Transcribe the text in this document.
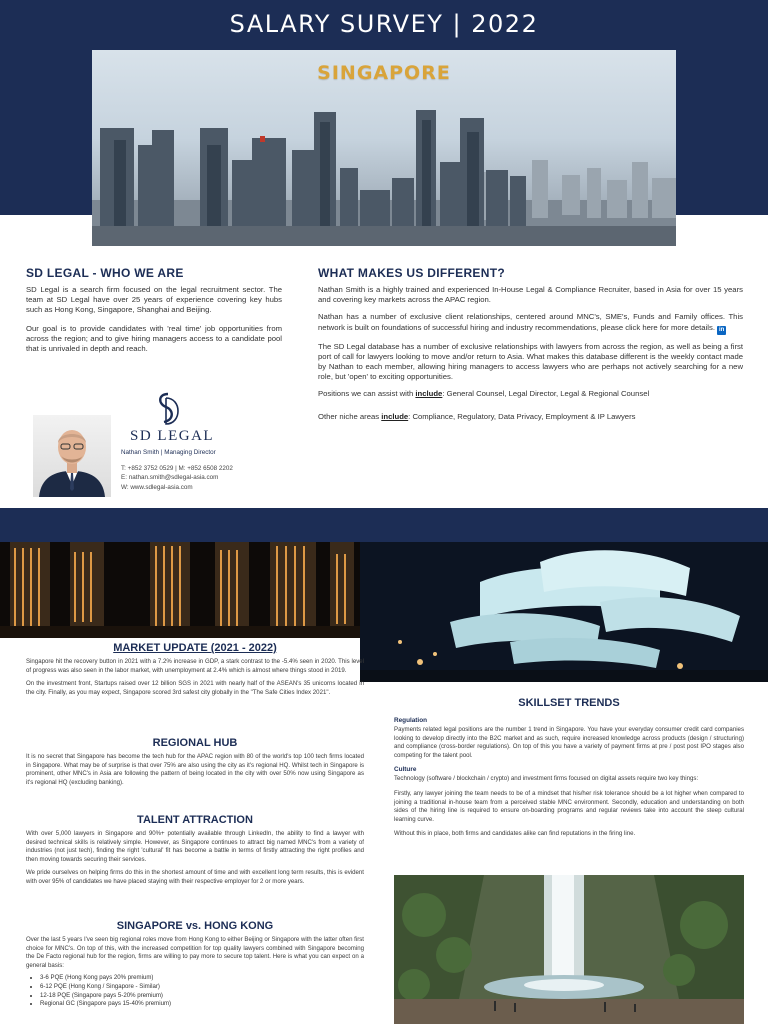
SALARY SURVEY | 2022
SINGAPORE
SD LEGAL - WHO WE ARE

SD Legal is a search firm focused on the legal recruitment sector. The team at SD Legal have over 25 years of experience covering key hubs such as Hong Kong, Singapore, Shanghai and Beijing.

Our goal is to provide candidates with 'real time' job opportunities from across the region; and to give hiring managers access to a candidate pool that is unrivaled in depth and reach.

SD LEGAL
Nathan Smith | Managing Director
T: +852 3752 0529 | M: +852 6508 2202
E: nathan.smith@sdlegal-asia.com
W: www.sdlegal-asia.com
WHAT MAKES US DIFFERENT?

Nathan Smith is a highly trained and experienced In-House Legal & Compliance Recruiter, based in Asia for over 15 years and covering key markets across the APAC region.

Nathan has a number of exclusive client relationships, centered around MNC's, SME's, Funds and Family offices. This network is built on foundations of successful hiring and industry recommendations, please click here for more details. in

The SD Legal database has a number of exclusive relationships with lawyers from across the region, as well as being a first port of call for lawyers looking to move and/or return to Asia. What makes this database different is the weekly contact made by Nathan to each member, allowing hiring managers to access lawyers who are perhaps not actively searching for a new role, but 'open' to exciting opportunities.

Positions we can assist with include: General Counsel, Legal Director, Legal & Regional Counsel

Other niche areas include: Compliance, Regulatory, Data Privacy, Employment & IP Lawyers

MARKET UPDATE (2021 - 2022)

Singapore hit the recovery button in 2021 with a 7.2% increase in GDP, a stark contrast to the -5.4% seen in 2020. This level of progress was also seen in the labor market, with unemployment at 2.4% which is almost where things stood in 2019.

On the investment front, Startups raised over 12 billion SGS in 2021 with nearly half of the ASEAN's 35 unicorns located in the city. Finally, as you may expect, Singapore scored 3rd safest city globally in the "The Safe Cities Index 2021".

REGIONAL HUB

It is no secret that Singapore has become the tech hub for the APAC region with 80 of the world's top 100 tech firms located in Singapore. What may be of surprise is that over 75% are also using the city as it's regional HQ. Whilst tech in Singapore is prominent, other MNC's in Asia are following the pattern of being located in the city with over 50% now using Singapore as it's regional HQ (excluding banking).

TALENT ATTRACTION

With over 5,000 lawyers in Singapore and 90%+ potentially available through LinkedIn, the ability to find a lawyer with desired technical skills is relatively simple. However, as Singapore continues to attract big named MNC's from a variety of industries (not just tech), finding the right 'cultural' fit has become a battle in terms of firstly attracting the right profiles and then moving towards securing their services.

We pride ourselves on helping firms do this in the shortest amount of time and with excellent long term results, this is evident with over 95% of candidates we have placed staying with their respective employer for 2 or more years.

SINGAPORE vs. HONG KONG

Over the last 5 years I've seen big regional roles move from Hong Kong to either Beijing or Singapore with the latter often first choice for MNC's. On top of this, with the increased competition for top quality lawyers combined with Singapore becoming the De Facto regional hub for the region, firms are willing to pay more to secure top talent. Here is what you can expect on a general basis:

• 3-6 PQE (Hong Kong pays 20% premium)
• 6-12 PQE (Hong Kong / Singapore - Similar)
• 12-18 PQE (Singapore pays 5-20% premium)
• Regional GC (Singapore pays 15-40% premium)
SKILLSET TRENDS
Regulation

Payments related legal positions are the number 1 trend in Singapore. You have your everyday consumer credit card companies looking to develop directly into the B2C market and as such, require increased knowledge across products (design / structuring) and compliance (cross-border regulations). On top of this you have a variety of payment firms at pre / post post IPO stages also competing for the talent pool.

Culture

Technology (software / blockchain / crypto) and investment firms focused on digital assets require two key things:

Firstly, any lawyer joining the team needs to be of a mindset that his/her risk tolerance should be a lot higher when compared to joining a traditional in-house team from a perceived stable MNC environment. Secondly, education and understanding on both sides of the hiring line is required to ensure on-boarding programs and regular reviews take into account the steep cultural learning curve.

Without this in place, both firms and candidates alike can find reputations in the firing line.
